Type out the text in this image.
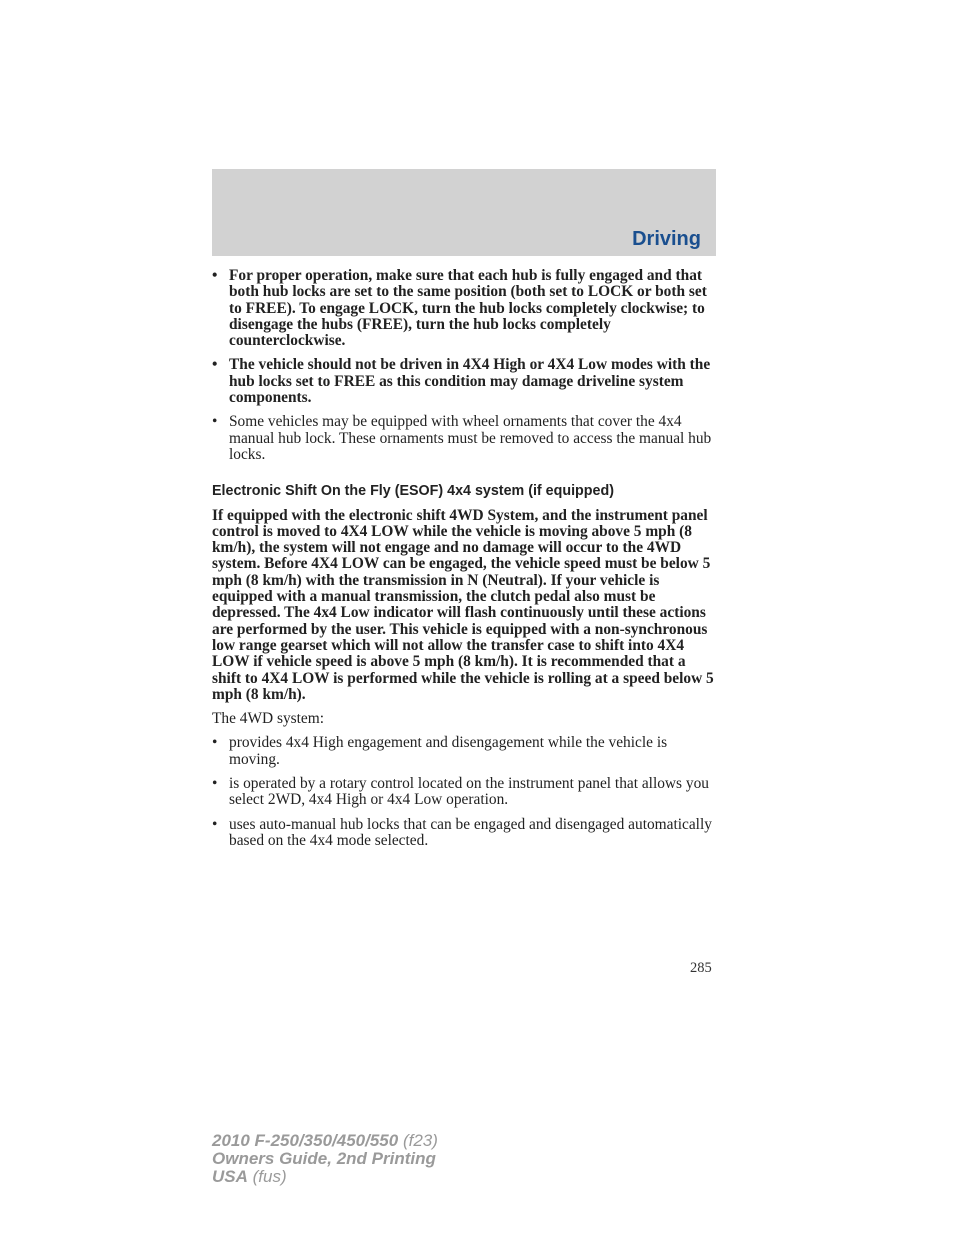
Driving
• For proper operation, make sure that each hub is fully engaged and that both hub locks are set to the same position (both set to LOCK or both set to FREE). To engage LOCK, turn the hub locks completely clockwise; to disengage the hubs (FREE), turn the hub locks completely counterclockwise.
• The vehicle should not be driven in 4X4 High or 4X4 Low modes with the hub locks set to FREE as this condition may damage driveline system components.
• Some vehicles may be equipped with wheel ornaments that cover the 4x4 manual hub lock. These ornaments must be removed to access the manual hub locks.
Electronic Shift On the Fly (ESOF) 4x4 system (if equipped)

If equipped with the electronic shift 4WD System, and the instrument panel control is moved to 4X4 LOW while the vehicle is moving above 5 mph (8 km/h), the system will not engage and no damage will occur to the 4WD system. Before 4X4 LOW can be engaged, the vehicle speed must be below 5 mph (8 km/h) with the transmission in N (Neutral). If your vehicle is equipped with a manual transmission, the clutch pedal also must be depressed. The 4x4 Low indicator will flash continuously until these actions are performed by the user. This vehicle is equipped with a non-synchronous low range gearset which will not allow the transfer case to shift into 4X4 LOW if vehicle speed is above 5 mph (8 km/h). It is recommended that a shift to 4X4 LOW is performed while the vehicle is rolling at a speed below 5 mph (8 km/h).

The 4WD system:

• provides 4x4 High engagement and disengagement while the vehicle is moving.
• is operated by a rotary control located on the instrument panel that allows you select 2WD, 4x4 High or 4x4 Low operation.
• uses auto-manual hub locks that can be engaged and disengaged automatically based on the 4x4 mode selected.
285
2010 F-250/350/450/550 (f23)
Owners Guide, 2nd Printing
USA (fus)
